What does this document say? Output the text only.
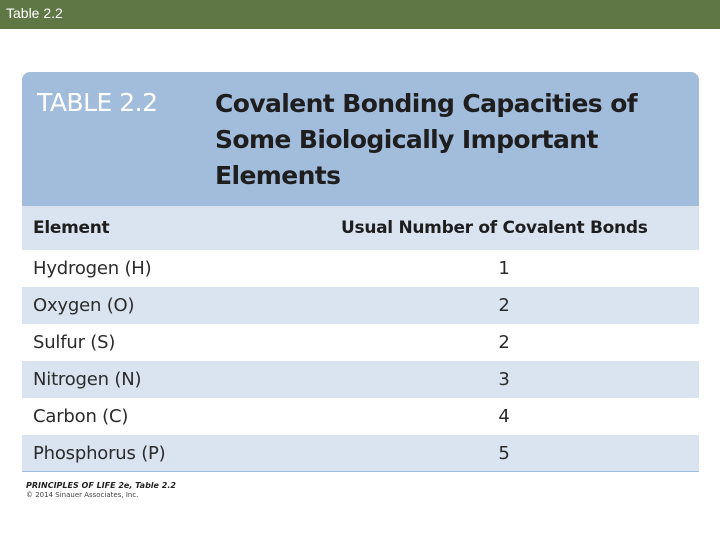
Table 2.2
TABLE 2.2 Covalent Bonding Capacities of Some Biologically Important Elements
Element	Usual Number of Covalent Bonds
Hydrogen (H)	1
Oxygen (O)	2
Sulfur (S)	2
Nitrogen (N)	3
Carbon (C)	4
Phosphorus (P)	5
PRINCIPLES OF LIFE 2e, Table 2.2
© 2014 Sinauer Associates, Inc.
